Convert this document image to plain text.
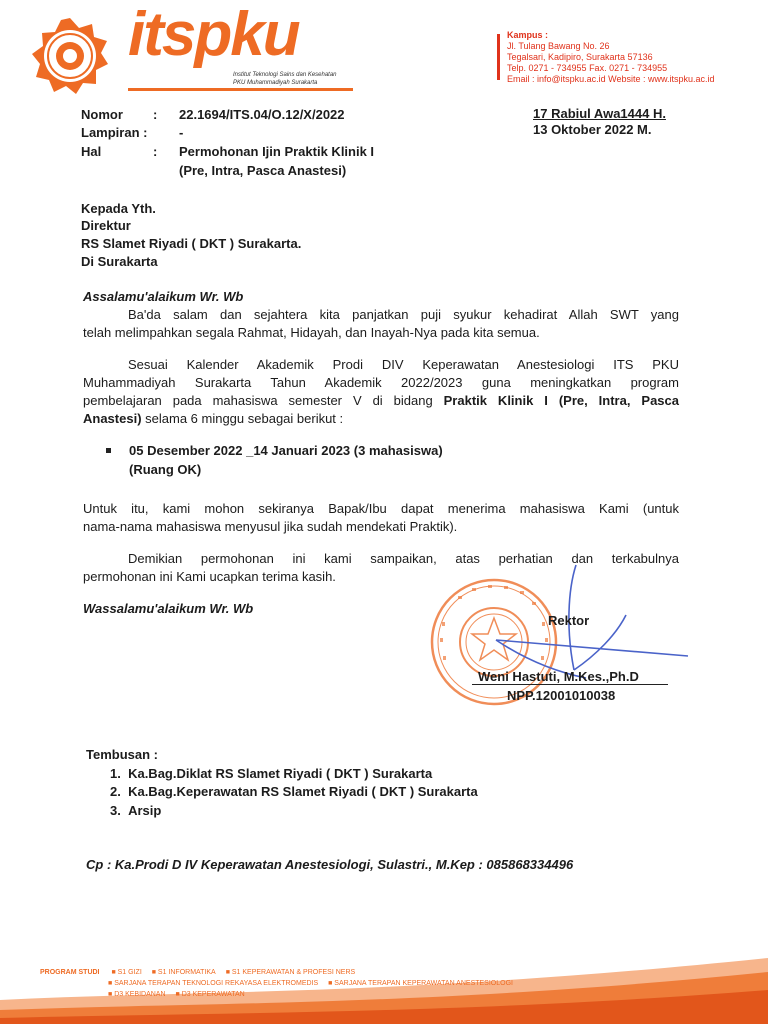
itspku
Institut Teknologi Sains dan Kesehatan
PKU Muhammadiyah Surakarta
Kampus :
Jl. Tulang Bawang No. 26
Tegalsari, Kadipiro, Surakarta 57136
Telp. 0271 - 734955 Fax. 0271 - 734955
Email : info@itspku.ac.id Website : www.itspku.ac.id
Nomor : 22.1694/ITS.04/O.12/X/2022
Lampiran : -
Hal	: Permohonan Ijin Praktik Klinik I
(Pre, Intra, Pasca Anastesi)
17 Rabiul Awa1444 H.
13 Oktober 2022 M.
Kepada Yth.
Direktur
RS Slamet Riyadi ( DKT ) Surakarta.
Di Surakarta
Assalamu'alaikum Wr. Wb
Ba'da salam dan sejahtera kita panjatkan puji syukur kehadirat Allah SWT yang
telah melimpahkan segala Rahmat, Hidayah, dan Inayah-Nya pada kita semua.
Sesuai Kalender Akademik Prodi DIV Keperawatan Anestesiologi ITS PKU
Muhammadiyah Surakarta Tahun Akademik 2022/2023 guna meningkatkan program
pembelajaran pada mahasiswa semester V di bidang Praktik Klinik I (Pre, Intra, Pasca
Anastesi) selama 6 minggu sebagai berikut :
05 Desember 2022 _14 Januari 2023 (3 mahasiswa)
(Ruang OK)
Untuk itu, kami mohon sekiranya Bapak/Ibu dapat menerima mahasiswa Kami (untuk
nama-nama mahasiswa menyusul jika sudah mendekati Praktik).
Demikian permohonan ini kami sampaikan, atas perhatian dan terkabulnya
permohonan ini Kami ucapkan terima kasih.
Wassalamu'alaikum Wr. Wb
Rektor
Weni Hastuti, M.Kes.,Ph.D
NPP.12001010038
Tembusan :
1.  Ka.Bag.Diklat RS Slamet Riyadi ( DKT ) Surakarta
2.  Ka.Bag.Keperawatan RS Slamet Riyadi ( DKT ) Surakarta
3.  Arsip
Cp : Ka.Prodi D IV Keperawatan Anestesiologi, Sulastri., M.Kep : 085868334496
PROGRAM STUDI ■ S1 GIZI ■ S1 INFORMATIKA ■ S1 KEPERAWATAN & PROFESI NERS
■ SARJANA TERAPAN TEKNOLOGI REKAYASA ELEKTROMEDIS ■ SARJANA TERAPAN KEPERAWATAN ANESTESIOLOGI
■ D3 KEBIDANAN ■ D3 KEPERAWATAN
